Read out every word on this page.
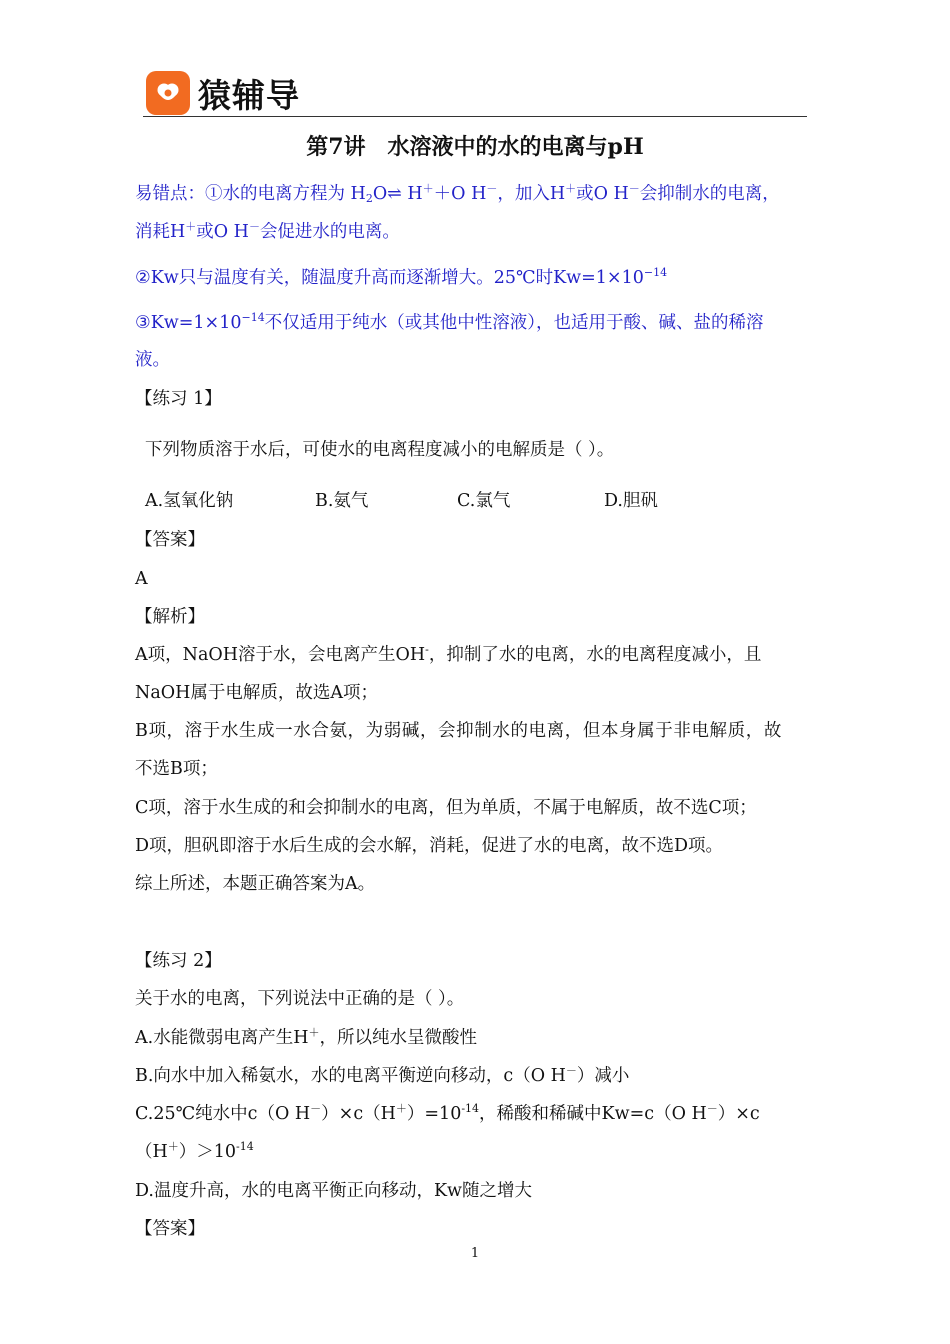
猿辅导
第7讲　水溶液中的水的电离与pH
易错点：①水的电离方程为 $H_2O\rightleftharpoons$ H＋＋O H－，加入H＋或O H－会抑制水的电离，
消耗H＋或O H－会促进水的电离。
②Kw只与温度有关，随温度升高而逐渐增大。25℃时$Kw=1\times 10^{-14}$
$③Kw=1\times 10^{-14}$不仅适用于纯水（或其他中性溶液），也适用于酸、碱、盐的稀溶
液。
【练习 1】
下列物质溶于水后，可使水的电离程度减小的电解质是（ ）。
A.氢氧化钠	B.氨气	C.氯气	D.胆矾
【答案】
A
【解析】
A项，NaOH溶于水，会电离产生OH-，抑制了水的电离，水的电离程度减小，且
NaOH属于电解质，故选A项；
B项，溶于水生成一水合氨，为弱碱，会抑制水的电离，但本身属于非电解质，故
不选B项；
C项，溶于水生成的和会抑制水的电离，但为单质，不属于电解质，故不选C项；
D项，胆矾即溶于水后生成的会水解，消耗，促进了水的电离，故不选D项。
综上所述，本题正确答案为A。
【练习 2】
关于水的电离，下列说法中正确的是（ ）。
A.水能微弱电离产生H＋，所以纯水呈微酸性
B.向水中加入稀氨水，水的电离平衡逆向移动，c（O H－）减小
C.25℃纯水中c（O $H^-)\times c(H^+)=10^{-14}$，稀酸和稀碱中Kw=c（O H－）×c
$(H^+)>10^{-14}$
D.温度升高，水的电离平衡正向移动，Kw随之增大
【答案】
1
